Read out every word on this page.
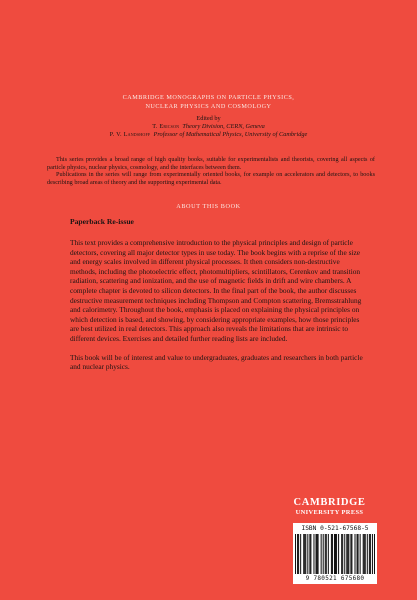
CAMBRIDGE MONOGRAPHS ON PARTICLE PHYSICS,
NUCLEAR PHYSICS AND COSMOLOGY
Edited by
T. Ericson Theory Division, CERN, Geneva
P. V. Landshoff Professor of Mathematical Physics, University of Cambridge

This series provides a broad range of high quality books, suitable for experimentalists and theorists, covering all aspects of particle physics, nuclear physics, cosmology, and the interfaces between them.

Publications in the series will range from experimentally oriented books, for example on accelerators and detectors, to books describing broad areas of theory and the supporting experimental data.

ABOUT THIS BOOK
Paperback Re-issue

This text provides a comprehensive introduction to the physical principles and design of particle detectors, covering all major detector types in use today. The book begins with a reprise of the size and energy scales involved in different physical processes. It then considers non-destructive methods, including the photoelectric effect, photomultipliers, scintillators, Cerenkov and transition radiation, scattering and ionization, and the use of magnetic fields in drift and wire chambers. A complete chapter is devoted to silicon detectors. In the final part of the book, the author discusses destructive measurement techniques including Thompson and Compton scattering, Bremsstrahlung and calorimetry. Throughout the book, emphasis is placed on explaining the physical principles on which detection is based, and showing, by considering appropriate examples, how those principles are best utilized in real detectors. This approach also reveals the limitations that are intrinsic to different devices. Exercises and detailed further reading lists are included.

This book will be of interest and value to undergraduates, graduates and researchers in both particle and nuclear physics.

CAMBRIDGE
UNIVERSITY PRESS
ISBN 0-521-67568-5
9 780521 675680
